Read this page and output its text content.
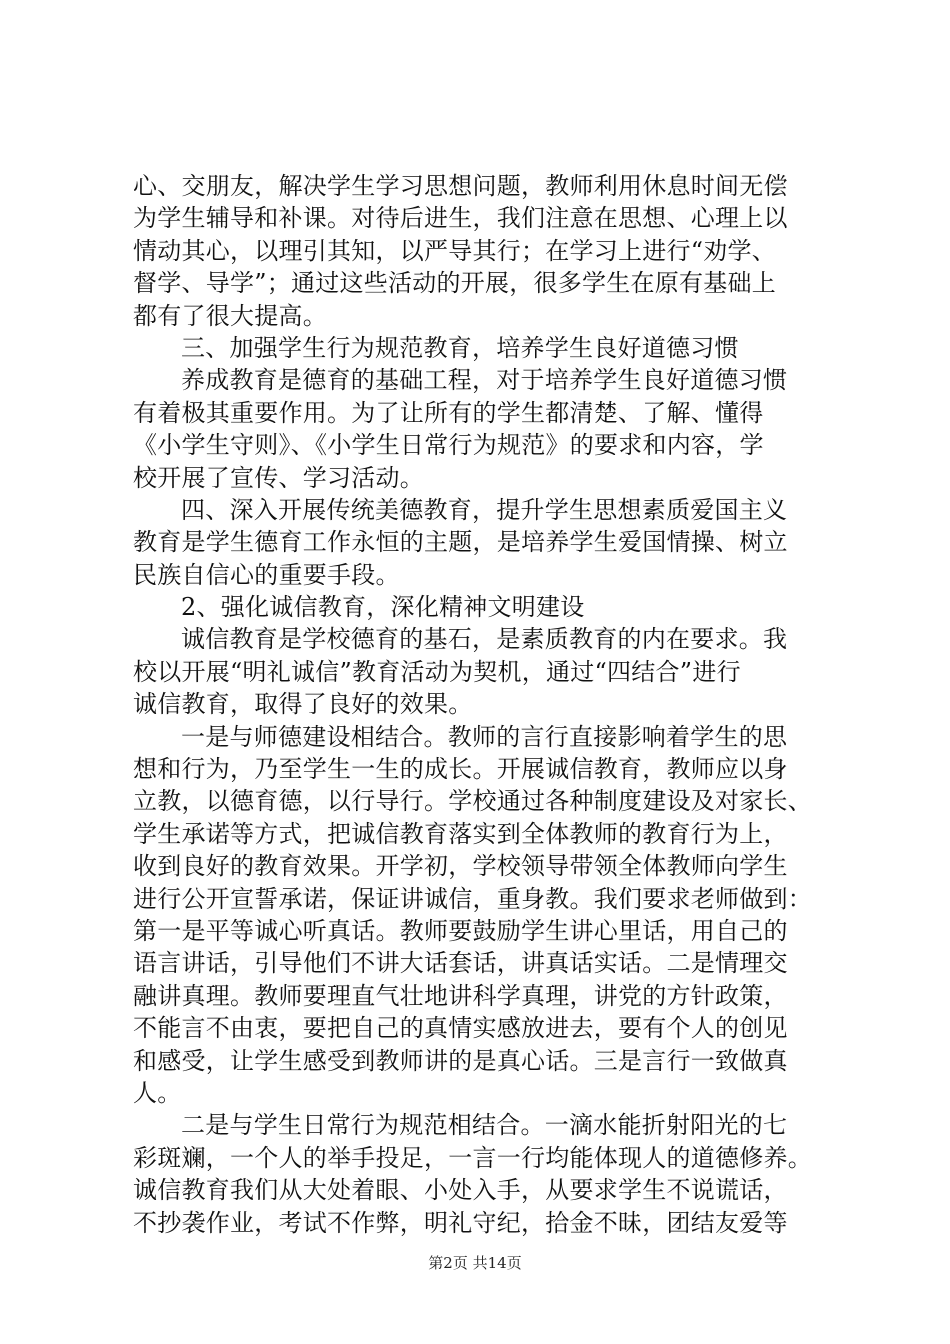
心、交朋友，解决学生学习思想问题，教师利用休息时间无偿
为学生辅导和补课。对待后进生，我们注意在思想、心理上以
情动其心，以理引其知，以严导其行；在学习上进行“劝学、
督学、导学”；通过这些活动的开展，很多学生在原有基础上
都有了很大提高。
三、加强学生行为规范教育，培养学生良好道德习惯
养成教育是德育的基础工程，对于培养学生良好道德习惯
有着极其重要作用。为了让所有的学生都清楚、了解、懂得
《小学生守则》、《小学生日常行为规范》的要求和内容，学
校开展了宣传、学习活动。
四、深入开展传统美德教育，提升学生思想素质爱国主义
教育是学生德育工作永恒的主题，是培养学生爱国情操、树立
民族自信心的重要手段。
2、强化诚信教育，深化精神文明建设
诚信教育是学校德育的基石，是素质教育的内在要求。我
校以开展“明礼诚信”教育活动为契机，通过“四结合”进行
诚信教育，取得了良好的效果。
一是与师德建设相结合。教师的言行直接影响着学生的思
想和行为，乃至学生一生的成长。开展诚信教育，教师应以身
立教，以德育德，以行导行。学校通过各种制度建设及对家长、
学生承诺等方式，把诚信教育落实到全体教师的教育行为上，
收到良好的教育效果。开学初，学校领导带领全体教师向学生
进行公开宣誓承诺，保证讲诚信，重身教。我们要求老师做到：
第一是平等诚心听真话。教师要鼓励学生讲心里话，用自己的
语言讲话，引导他们不讲大话套话，讲真话实话。二是情理交
融讲真理。教师要理直气壮地讲科学真理，讲党的方针政策，
不能言不由衷，要把自己的真情实感放进去，要有个人的创见
和感受，让学生感受到教师讲的是真心话。三是言行一致做真
人。
二是与学生日常行为规范相结合。一滴水能折射阳光的七
彩斑斓，一个人的举手投足，一言一行均能体现人的道德修养。
诚信教育我们从大处着眼、小处入手，从要求学生不说谎话，
不抄袭作业，考试不作弊，明礼守纪，拾金不昧，团结友爱等
第2页 共14页
